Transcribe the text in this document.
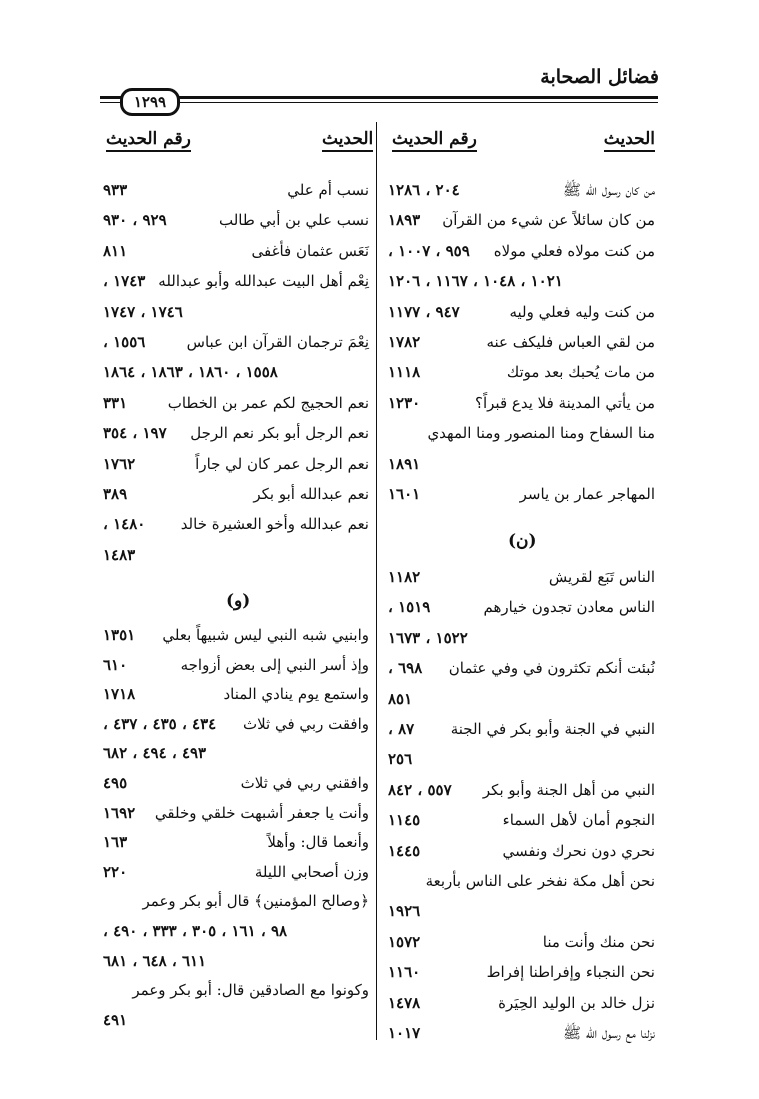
فضائل الصحابة
١٢٩٩
الحديث
رقم الحديث
الحديث
رقم الحديث
من كان رسول الله ﷺ
٢٠٤ ، ١٢٨٦
من كان سائلاً عن شيء من القرآن
١٨٩٣
من كنت مولاه فعلي مولاه
٩٥٩ ، ١٠٠٧ ،
١٠٢١ ، ١٠٤٨ ، ١١٦٧ ، ١٢٠٦
من كنت وليه فعلي وليه
٩٤٧ ، ١١٧٧
من لقي العباس فليكف عنه
١٧٨٢
من مات يُحبك بعد موتك
١١١٨
من يأتي المدينة فلا يدع قبراً؟
١٢٣٠
منا السفاح ومنا المنصور ومنا المهدي
١٨٩١
المهاجر عمار بن ياسر
١٦٠١
الناس تَبَع لقريش
١١٨٢
الناس معادن تجدون خيارهم
١٥١٩ ،
١٥٢٢ ، ١٦٧٣
نُبئت أنكم تكثرون في وفي عثمان
٦٩٨ ،
٨٥١
النبي في الجنة وأبو بكر في الجنة
٨٧ ،
٢٥٦
النبي من أهل الجنة وأبو بكر
٥٥٧ ، ٨٤٢
النجوم أمان لأهل السماء
١١٤٥
نحري دون نحرك ونفسي
١٤٤٥
نحن أهل مكة نفخر على الناس بأربعة
١٩٢٦
نحن منك وأنت منا
١٥٧٢
نحن النجباء وإفراطنا إفراط
١١٦٠
نزل خالد بن الوليد الحِيَرة
١٤٧٨
نزلنا مع رسول الله ﷺ
١٠١٧
نسب أم علي
٩٣٣
نسب علي بن أبي طالب
٩٢٩ ، ٩٣٠
نَعَس عثمان فأغفى
٨١١
نِعْم أهل البيت عبدالله وأبو عبدالله
١٧٤٣ ،
١٧٤٦ ، ١٧٤٧
نِعْمَ ترجمان القرآن ابن عباس
١٥٥٦ ،
١٥٥٨ ، ١٨٦٠ ، ١٨٦٣ ، ١٨٦٤
نعم الحجيج لكم عمر بن الخطاب
٣٣١
نعم الرجل أبو بكر نعم الرجل
١٩٧ ، ٣٥٤
نعم الرجل عمر كان لي جاراً
١٧٦٢
نعم عبدالله أبو بكر
٣٨٩
نعم عبدالله وأخو العشيرة خالد
١٤٨٠ ،
١٤٨٣
وابنيي شبه النبي ليس شبيهاً بعلي
١٣٥١
وإذ أسر النبي إلى بعض أزواجه
٦١٠
واستمع يوم ينادي المناد
١٧١٨
وافقت ربي في ثلاث
٤٣٤ ، ٤٣٥ ، ٤٣٧ ،
٤٩٣ ، ٤٩٤ ، ٦٨٢
وافقني ربي في ثلاث
٤٩٥
وأنت يا جعفر أشبهت خلقي وخلقي
١٦٩٢
وأنعما قال: وأهلاً
١٦٣
وزن أصحابي الليلة
٢٢٠
﴿وصالح المؤمنين﴾ قال أبو بكر وعمر
٩٨ ، ١٦١ ، ٣٠٥ ، ٣٣٣ ، ٤٩٠ ،
٦١١ ، ٦٤٨ ، ٦٨١
وكونوا مع الصادقين قال: أبو بكر وعمر
٤٩١
(ن)
(و)
